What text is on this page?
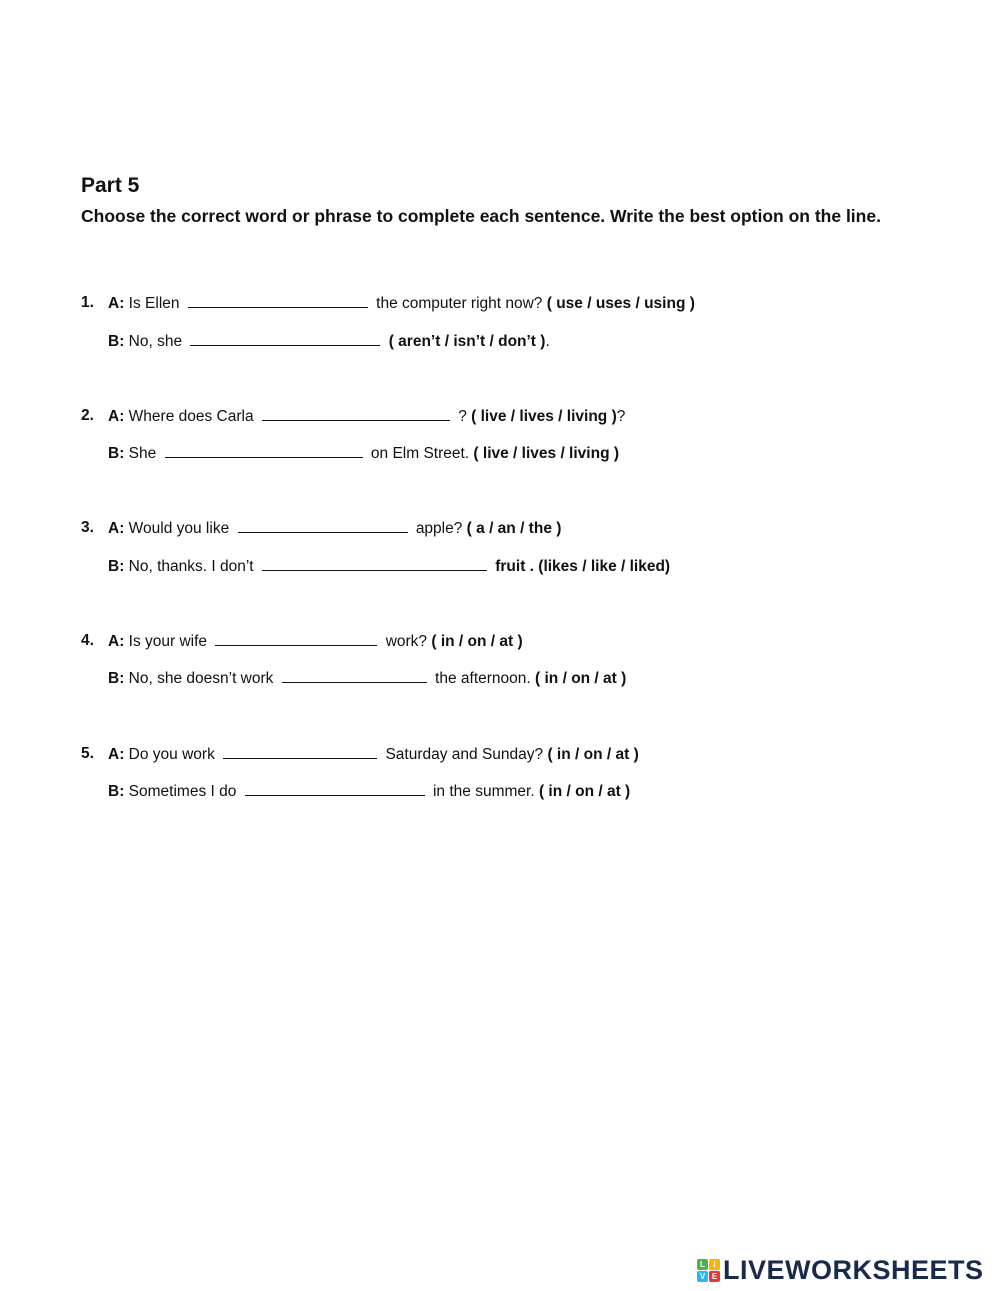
Part 5

Choose the correct word or phrase to complete each sentence. Write the best option on the line.

1. A: Is Ellen	the computer right now? ( use / uses / using )
B: No, she	( aren’t / isn’t / don’t ).
2. A: Where does Carla	? ( live / lives / living )?
B: She	on Elm Street. ( live / lives / living )
3. A: Would you like	apple? ( a / an / the )
B: No, thanks. I don’t	fruit . (likes / like / liked)
4. A: Is your wife	work? ( in / on / at )
B: No, she doesn’t work	the afternoon. ( in / on / at )
5. A: Do you work	Saturday and Sunday? ( in / on / at )
B: Sometimes I do	in the summer. ( in / on / at )
L	I
V E LIVEWORKSHEETS
